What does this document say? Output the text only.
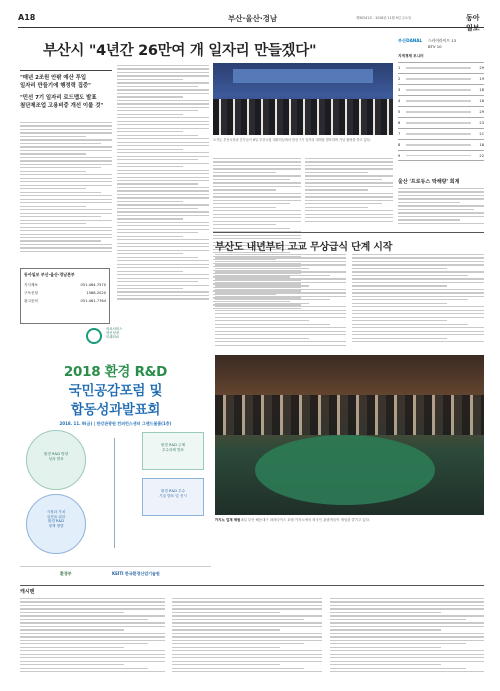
A18	부산·울산·경남	제30241호 · 2018년 11월 9일 금요일	동아일보
부산시 "4년간 26만여 개 일자리 만들겠다"
"매년 2조원 안팎 예산 투입
일자리 만들기에 행정력 집중"
"민선 7기 일자리 로드맵도 발표
첨단제조업 고용비중 개선 이룰 것"
동아일보 부산·울산·경남본부
기사제보	051-464-7570
구독신청	1588-2020
광고문의	051-461-7764
오거돈 부산시장과 간부들이 8일 부산시청 대회의실에서 민선 7기 일자리 대책을 발표하며 기념 촬영을 하고 있다.
부산DANAL	스카이라이프 13
BTV 10
지역경제 모니터
1	29
2	19
3	18
4	16
5	29
6	23
7	21
8	18
9	22
울산 '프로듀스 딱해량' 회계
부산도 내년부터 고교 무상급식 단계 시작
의료서비스
혁신성장
미래의료
2018 환경 R&D
국민공감포럼 및
합동성과발표회
2018. 11. 9(금) | 한강관광원 컨퍼런스센터 그랜드볼룸(1층)
환경 R&D 방향
성과 발표
시장과 가치
실현을 위한
환경 R&D
정책 방향
환경 R&D 주제
우수과제 발표
환경 R&D 우수
기술 발표 및 전시
환경부	KEITI 한국환경산업기술원
카지노 업계 체험 8일 부산 해운대구 파라다이스 호텔 카지노에서 외국인 관광객들이 게임을 즐기고 있다.
캐시맨
